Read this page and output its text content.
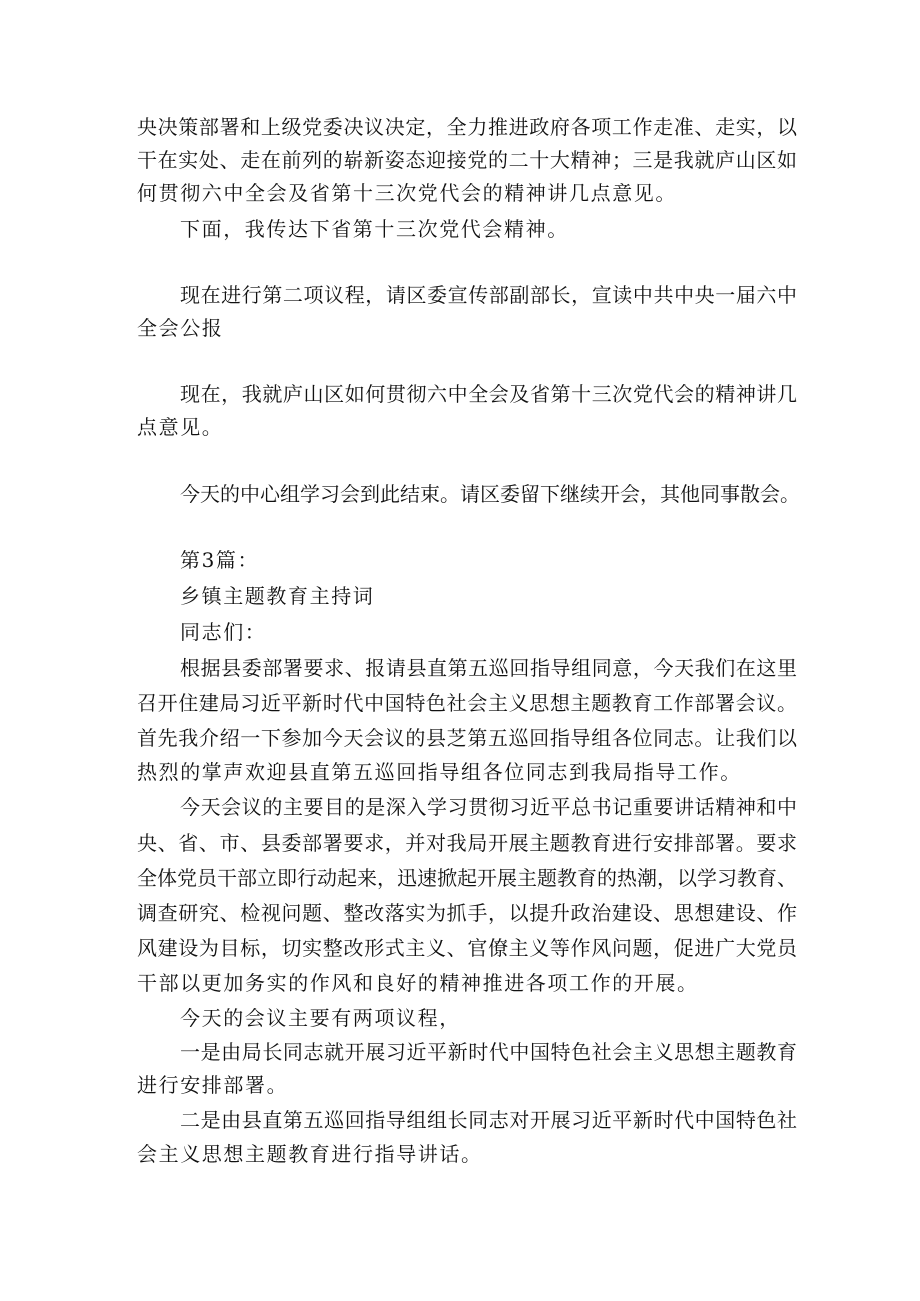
央决策部署和上级党委决议决定，全力推进政府各项工作走准、走实，以
干在实处、走在前列的崭新姿态迎接党的二十大精神；三是我就庐山区如
何贯彻六中全会及省第十三次党代会的精神讲几点意见。
下面，我传达下省第十三次党代会精神。
现在进行第二项议程，请区委宣传部副部长，宣读中共中央一届六中
全会公报
现在，我就庐山区如何贯彻六中全会及省第十三次党代会的精神讲几
点意见。
今天的中心组学习会到此结束。请区委留下继续开会，其他同事散会。
第3篇：
乡镇主题教育主持词
同志们：
根据县委部署要求、报请县直第五巡回指导组同意，今天我们在这里
召开住建局习近平新时代中国特色社会主义思想主题教育工作部署会议。
首先我介绍一下参加今天会议的县芝第五巡回指导组各位同志。让我们以
热烈的掌声欢迎县直第五巡回指导组各位同志到我局指导工作。
今天会议的主要目的是深入学习贯彻习近平总书记重要讲话精神和中
央、省、市、县委部署要求，并对我局开展主题教育进行安排部署。要求
全体党员干部立即行动起来，迅速掀起开展主题教育的热潮，以学习教育、
调查研究、检视问题、整改落实为抓手，以提升政治建设、思想建设、作
风建设为目标，切实整改形式主义、官僚主义等作风问题，促进广大党员
干部以更加务实的作风和良好的精神推进各项工作的开展。
今天的会议主要有两项议程，
一是由局长同志就开展习近平新时代中国特色社会主义思想主题教育
进行安排部署。
二是由县直第五巡回指导组组长同志对开展习近平新时代中国特色社
会主义思想主题教育进行指导讲话。
